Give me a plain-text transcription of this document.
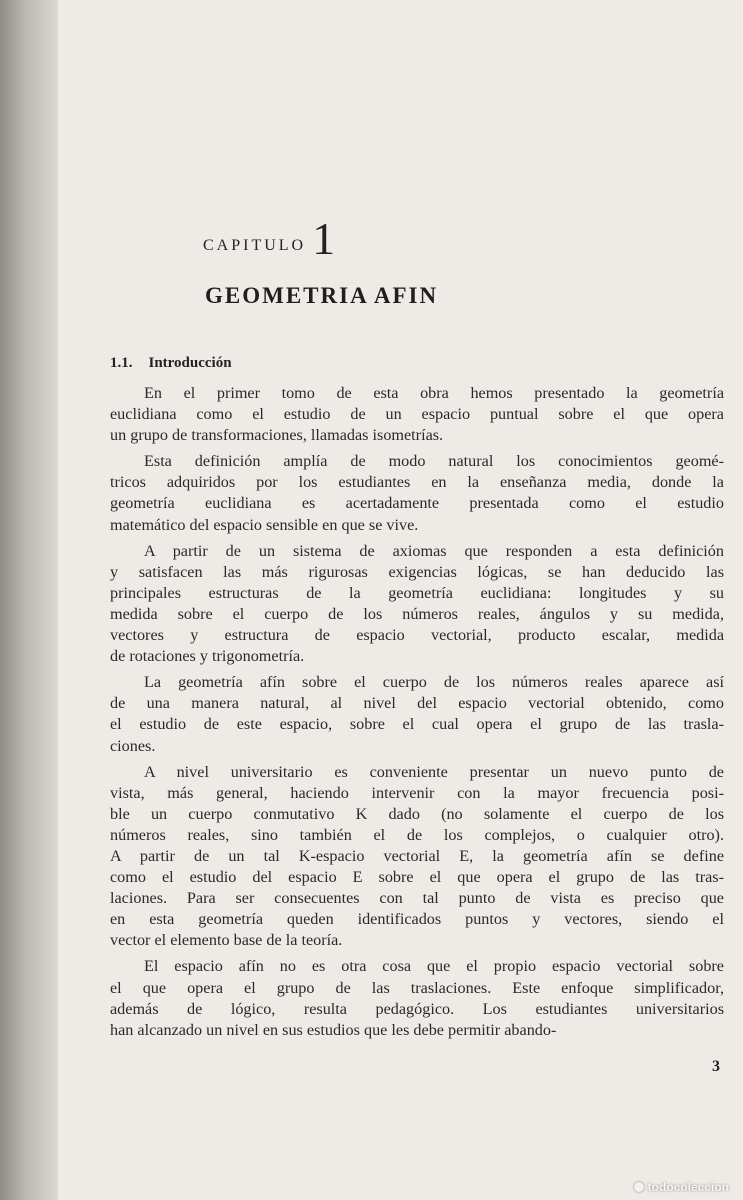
CAPITULO 1
GEOMETRIA AFIN
1.1. Introducción
En el primer tomo de esta obra hemos presentado la geometría
euclidiana como el estudio de un espacio puntual sobre el que opera
un grupo de transformaciones, llamadas isometrías.
Esta definición amplía de modo natural los conocimientos geomé-
tricos adquiridos por los estudiantes en la enseñanza media, donde la
geometría euclidiana es acertadamente presentada como el estudio
matemático del espacio sensible en que se vive.
A partir de un sistema de axiomas que responden a esta definición
y satisfacen las más rigurosas exigencias lógicas, se han deducido las
principales estructuras de la geometría euclidiana: longitudes y su
medida sobre el cuerpo de los números reales, ángulos y su medida,
vectores y estructura de espacio vectorial, producto escalar, medida
de rotaciones y trigonometría.
La geometría afín sobre el cuerpo de los números reales aparece así
de una manera natural, al nivel del espacio vectorial obtenido, como
el estudio de este espacio, sobre el cual opera el grupo de las trasla-
ciones.
A nivel universitario es conveniente presentar un nuevo punto de
vista, más general, haciendo intervenir con la mayor frecuencia posi-
ble un cuerpo conmutativo K dado (no solamente el cuerpo de los
números reales, sino también el de los complejos, o cualquier otro).
A partir de un tal K-espacio vectorial E, la geometría afín se define
como el estudio del espacio E sobre el que opera el grupo de las tras-
laciones. Para ser consecuentes con tal punto de vista es preciso que
en esta geometría queden identificados puntos y vectores, siendo el
vector el elemento base de la teoría.
El espacio afín no es otra cosa que el propio espacio vectorial sobre
el que opera el grupo de las traslaciones. Este enfoque simplificador,
además de lógico, resulta pedagógico. Los estudiantes universitarios
han alcanzado un nivel en sus estudios que les debe permitir abando-
3
todocoleccion
